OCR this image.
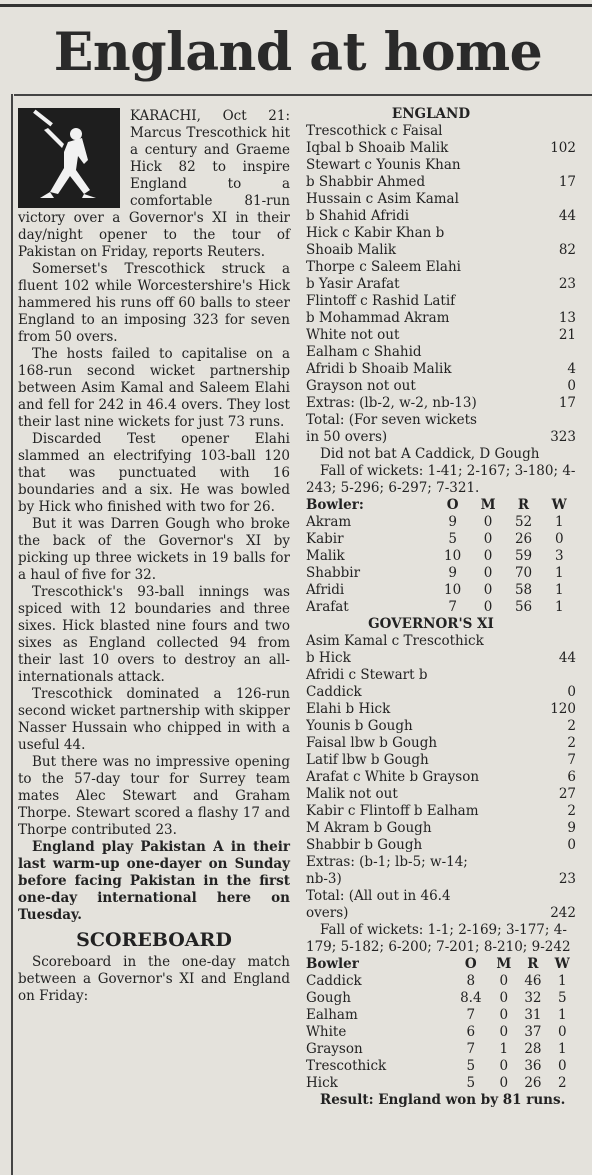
England at home

KARACHI, Oct 21: Marcus Trescothick hit a century and Graeme Hick 82 to inspire England to a comfortable 81-run victory over a Governor's XI in their day/night opener to the tour of Pakistan on Friday, reports Reuters.

Somerset's Trescothick struck a fluent 102 while Worcestershire's Hick hammered his runs off 60 balls to steer England to an imposing 323 for seven from 50 overs.

The hosts failed to capitalise on a 168-run second wicket partnership between Asim Kamal and Saleem Elahi and fell for 242 in 46.4 overs. They lost their last nine wickets for just 73 runs.

Discarded Test opener Elahi slammed an electrifying 103-ball 120 that was punctuated with 16 boundaries and a six. He was bowled by Hick who finished with two for 26.

But it was Darren Gough who broke the back of the Governor's XI by picking up three wickets in 19 balls for a haul of five for 32.

Trescothick's 93-ball innings was spiced with 12 boundaries and three sixes. Hick blasted nine fours and two sixes as England collected 94 from their last 10 overs to destroy an all-internationals attack.

Trescothick dominated a 126-run second wicket partnership with skipper Nasser Hussain who chipped in with a useful 44.

But there was no impressive opening to the 57-day tour for Surrey team mates Alec Stewart and Graham Thorpe. Stewart scored a flashy 17 and Thorpe contributed 23.

England play Pakistan A in their last warm-up one-dayer on Sunday before facing Pakistan in the first one-day international here on Tuesday.

SCOREBOARD

Scoreboard in the one-day match between a Governor's XI and England on Friday:

ENGLAND
Trescothick c Faisal
Iqbal b Shoaib Malik	102
Stewart c Younis Khan
b Shabbir Ahmed	17
Hussain c Asim Kamal
b Shahid Afridi	44
Hick c Kabir Khan b
Shoaib Malik	82
Thorpe c Saleem Elahi
b Yasir Arafat	23
Flintoff c Rashid Latif
b Mohammad Akram	13
White not out	21
Ealham c Shahid
Afridi b Shoaib Malik	4
Grayson not out	0
Extras: (lb-2, w-2, nb-13)	17
Total: (For seven wickets
in 50 overs)	323
Did not bat A Caddick, D Gough
Fall of wickets: 1-41; 2-167; 3-180; 4-243; 5-296; 6-297; 7-321.
Bowler:	O	M	R	W
Akram	9	0	52	1
Kabir	5	0	26	0
Malik	10	0	59	3
Shabbir	9	0	70	1
Afridi	10	0	58	1
Arafat	7	0	56	1
GOVERNOR'S XI
Asim Kamal c Trescothick
b Hick	44
Afridi c Stewart b
Caddick	0
Elahi b Hick	120
Younis b Gough	2
Faisal lbw b Gough	2
Latif lbw b Gough	7
Arafat c White b Grayson	6
Malik not out	27
Kabir c Flintoff b Ealham	2
M Akram b Gough	9
Shabbir b Gough	0
Extras: (b-1; lb-5; w-14;
nb-3)	23
Total: (All out in 46.4
overs)	242
Fall of wickets: 1-1; 2-169; 3-177; 4-179; 5-182; 6-200; 7-201; 8-210; 9-242
Bowler	O	M	R	W
Caddick	8	0	46	1
Gough	8.4	0	32	5
Ealham	7	0	31	1
White	6	0	37	0
Grayson	7	1	28	1
Trescothick	5	0	36	0
Hick	5	0	26	2
Result: England won by 81 runs.
